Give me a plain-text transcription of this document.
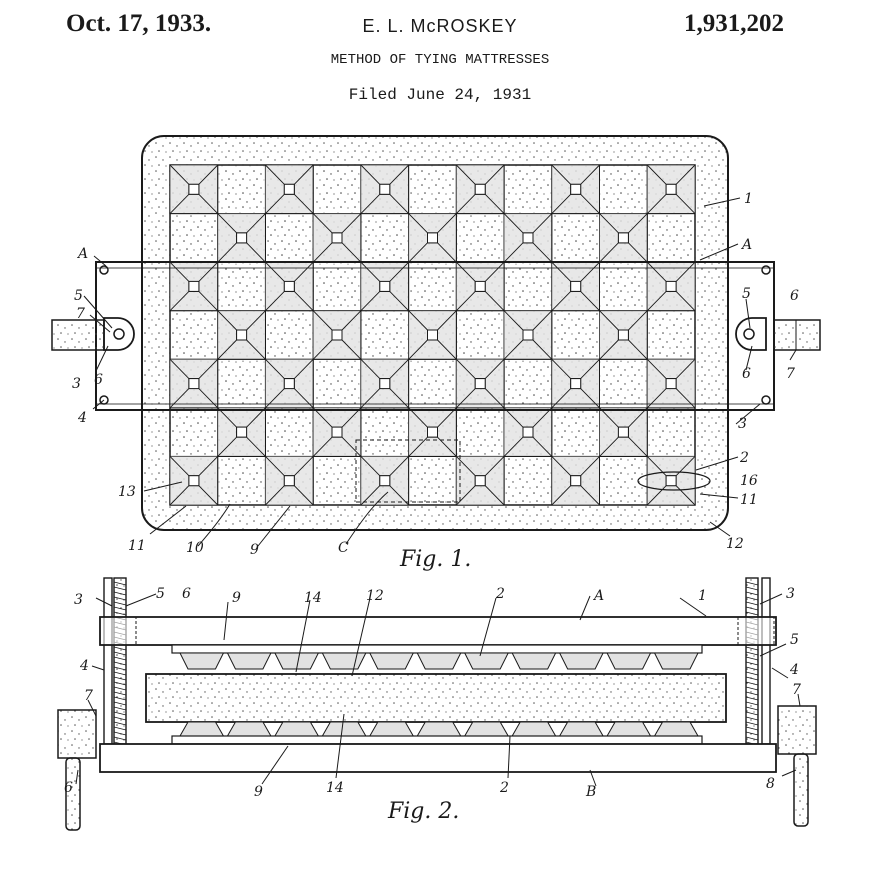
Oct. 17, 1933.	E. L. McROSKEY	1,931,202
METHOD OF TYING MATTRESSES
Filed June 24, 1931
1
A
A
5
7
3 6
4
5
6
6
7
3
2
16
11
13
11	10	9	C	12
Fig. 1.
3	5 6	9	14	12	2	A	1	3
5
4	4
7	7
6	9	14	2	B	8
Fig. 2.
